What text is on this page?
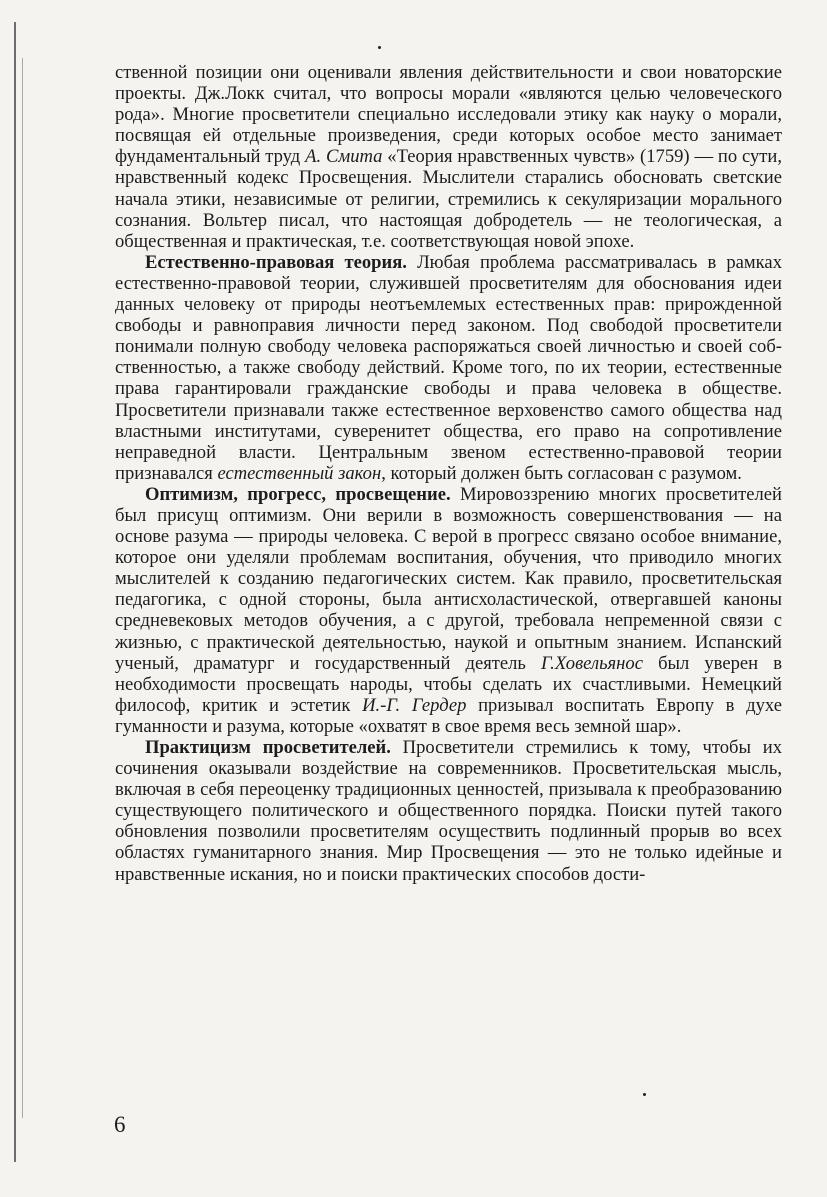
ственной позиции они оценивали явления действительности и свои новаторские проекты. Дж.Локк считал, что вопросы морали «являются целью человеческого рода». Многие просветители специально исследовали этику как науку о морали, посвящая ей отдельные произведения, среди которых особое место занимает фундаментальный труд А. Смита «Теория нравственных чувств» (1759) — по сути, нравственный кодекс Просвещения. Мыслители старались обосновать светские начала этики, независимые от религии, стремились к секуляризации морального сознания. Вольтер писал, что настоящая добродетель — не теологическая, а общественная и практическая, т.е. соответствующая новой эпохе.

Естественно-правовая теория. Любая проблема рассматривалась в рамках естественно-правовой теории, служившей просветителям для обоснования идеи данных человеку от природы неотъемлемых естественных прав: прирожденной свободы и равноправия личности перед законом. Под свободой просветители понимали полную свободу человека распоряжаться своей личностью и своей собственностью, а также свободу действий. Кроме того, по их теории, естественные права гарантировали гражданские свободы и права человека в обществе. Просветители признавали также естественное верховенство самого общества над властными институтами, суверенитет общества, его право на сопротивление неправедной власти. Центральным звеном естественно-правовой теории признавался естественный закон, который должен быть согласован с разумом.

Оптимизм, прогресс, просвещение. Мировоззрению многих просветителей был присущ оптимизм. Они верили в возможность совершенствования — на основе разума — природы человека. С верой в прогресс связано особое внимание, которое они уделяли проблемам воспитания, обучения, что приводило многих мыслителей к созданию педагогических систем. Как правило, просветительская педагогика, с одной стороны, была антисхоластической, отвергавшей каноны средневековых методов обучения, а с другой, требовала непременной связи с жизнью, с практической деятельностью, наукой и опытным знанием. Испанский ученый, драматург и государственный деятель Г.Ховельянос был уверен в необходимости просвещать народы, чтобы сделать их счастливыми. Немецкий философ, критик и эстетик И.-Г. Гердер призывал воспитать Европу в духе гуманности и разума, которые «охватят в свое время весь земной шар».

Практицизм просветителей. Просветители стремились к тому, чтобы их сочинения оказывали воздействие на современников. Просветительская мысль, включая в себя переоценку традиционных ценностей, призывала к преобразованию существующего политического и общественного порядка. Поиски путей такого обновления позволили просветителям осуществить подлинный прорыв во всех областях гуманитарного знания. Мир Просвещения — это не только идейные и нравственные искания, но и поиски практических способов дости-

6
